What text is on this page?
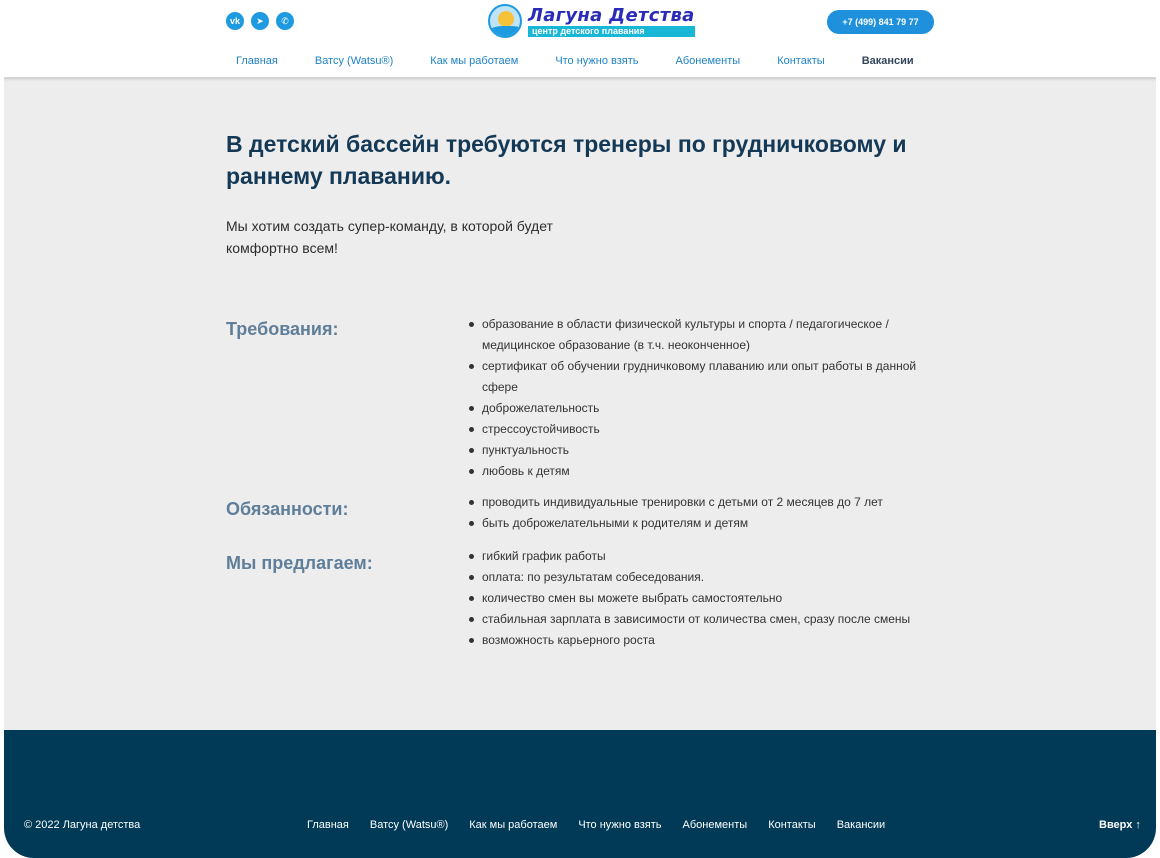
vk	➤	✆	Лагуна Детства
центр детского плавания
+7 (499) 841 79 77
Главная	Ватсу (Watsu®)	Как мы работаем	Что нужно взять	Абонементы	Контакты	Вакансии
В детский бассейн требуются тренеры по грудничковому и раннему плаванию.

Мы хотим создать супер-команду, в которой будет комфортно всем!

Требования:	образование в области физической культуры и спорта / педагогическое / медицинское образование (в т.ч. неоконченное)
сертификат об обучении грудничковому плаванию или опыт работы в данной сфере
доброжелательность
стрессоустойчивость
пунктуальность
любовь к детям
Обязанности:	проводить индивидуальные тренировки с детьми от 2 месяцев до 7 лет
быть доброжелательными к родителям и детям
Мы предлагаем:	гибкий график работы
оплата: по результатам собеседования.
количество смен вы можете выбрать самостоятельно
стабильная зарплата в зависимости от количества смен, сразу после смены
возможность карьерного роста
© 2022 Лагуна детства	Главная Ватсу (Watsu®) Как мы работаем Что нужно взять Абонементы Контакты Вакансии	Вверх ↑
